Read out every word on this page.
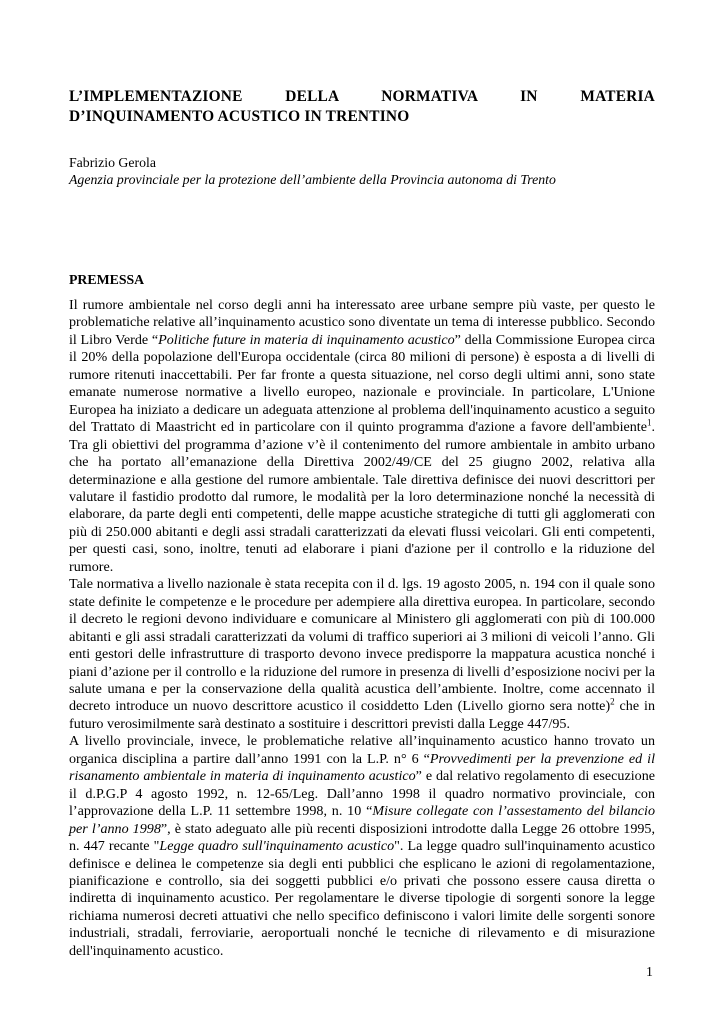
L’IMPLEMENTAZIONE DELLA NORMATIVA IN MATERIA
D’INQUINAMENTO ACUSTICO IN TRENTINO
Fabrizio Gerola
Agenzia provinciale per la protezione dell’ambiente della Provincia autonoma di Trento
PREMESSA

Il rumore ambientale nel corso degli anni ha interessato aree urbane sempre più vaste, per questo le problematiche relative all’inquinamento acustico sono diventate un tema di interesse pubblico. Secondo il Libro Verde “Politiche future in materia di inquinamento acustico” della Commissione Europea circa il 20% della popolazione dell'Europa occidentale (circa 80 milioni di persone) è esposta a di livelli di rumore ritenuti inaccettabili. Per far fronte a questa situazione, nel corso degli ultimi anni, sono state emanate numerose normative a livello europeo, nazionale e provinciale. In particolare, L'Unione Europea ha iniziato a dedicare un adeguata attenzione al problema dell'inquinamento acustico a seguito del Trattato di Maastricht ed in particolare con il quinto programma d'azione a favore dell'ambiente$^1$. Tra gli obiettivi del programma d’azione v’è il contenimento del rumore ambientale in ambito urbano che ha portato all’emanazione della Direttiva 2002/49/CE del 25 giugno 2002, relativa alla determinazione e alla gestione del rumore ambientale. Tale direttiva definisce dei nuovi descrittori per valutare il fastidio prodotto dal rumore, le modalità per la loro determinazione nonché la necessità di elaborare, da parte degli enti competenti, delle mappe acustiche strategiche di tutti gli agglomerati con più di 250.000 abitanti e degli assi stradali caratterizzati da elevati flussi veicolari. Gli enti competenti, per questi casi, sono, inoltre, tenuti ad elaborare i piani d'azione per il controllo e la riduzione del rumore.

Tale normativa a livello nazionale è stata recepita con il d. lgs. 19 agosto 2005, n. 194 con il quale sono state definite le competenze e le procedure per adempiere alla direttiva europea. In particolare, secondo il decreto le regioni devono individuare e comunicare al Ministero gli agglomerati con più di 100.000 abitanti e gli assi stradali caratterizzati da volumi di traffico superiori ai 3 milioni di veicoli l’anno. Gli enti gestori delle infrastrutture di trasporto devono invece predisporre la mappatura acustica nonché i piani d’azione per il controllo e la riduzione del rumore in presenza di livelli d’esposizione nocivi per la salute umana e per la conservazione della qualità acustica dell’ambiente. Inoltre, come accennato il decreto introduce un nuovo descrittore acustico il cosiddetto Lden (Livello giorno sera notte)$^2$ che in futuro verosimilmente sarà destinato a sostituire i descrittori previsti dalla Legge 447/95.

A livello provinciale, invece, le problematiche relative all’inquinamento acustico hanno trovato un organica disciplina a partire dall’anno 1991 con la L.P. n° 6 “Provvedimenti per la prevenzione ed il risanamento ambientale in materia di inquinamento acustico” e dal relativo regolamento di esecuzione il d.P.G.P 4 agosto 1992, n. 12-65/Leg. Dall’anno 1998 il quadro normativo provinciale, con l’approvazione della L.P. 11 settembre 1998, n. 10 “Misure collegate con l’assestamento del bilancio per l’anno 1998”, è stato adeguato alle più recenti disposizioni introdotte dalla Legge 26 ottobre 1995, n. 447 recante "Legge quadro sull'inquinamento acustico". La legge quadro sull'inquinamento acustico definisce e delinea le competenze sia degli enti pubblici che esplicano le azioni di regolamentazione, pianificazione e controllo, sia dei soggetti pubblici e/o privati che possono essere causa diretta o indiretta di inquinamento acustico. Per regolamentare le diverse tipologie di sorgenti sonore la legge richiama numerosi decreti attuativi che nello specifico definiscono i valori limite delle sorgenti sonore industriali, stradali, ferroviarie, aeroportuali nonché le tecniche di rilevamento e di misurazione dell'inquinamento acustico.

1
